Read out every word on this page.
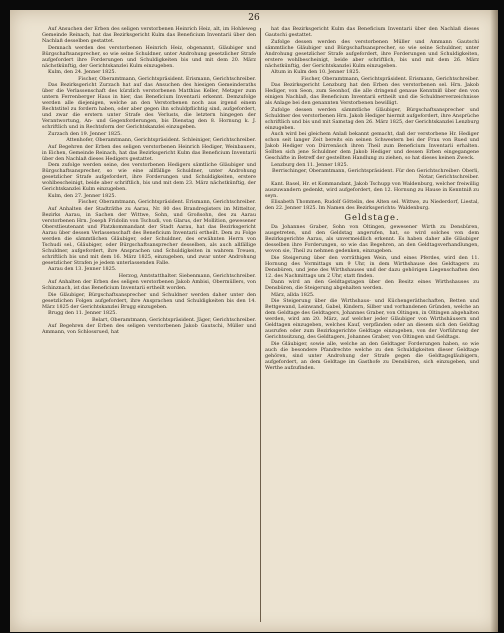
26

Auf Ansuchen der Erben des seligen verstorbenen Heinrich Heiz, alt, im Hohleweg Gemeinde Reinach, hat das Bezirksgericht Kulm das Beneficium Inventarii über den Nachlaß desselben gestattet.

Demnach werden des verstorbenen Heinrich Heiz, obgenannt, Gläubiger und Bürgschaftsansprecher, so wie seine Schuldner, unter Androhung gesetzlicher Strafe aufgefordert ihre Forderungen und Schuldigkeiten bis und mit dem 20. März nächstkünftig, der Gerichtskanzlei Kulm einzugeben.

Kulm, den 24. Jenner 1825.

Fischer, Oberamtmann, Gerichtspräsident. Erismann, Gerichtschreiber.

Das Bezirksgericht Zurzach hat auf das Ansuchen des hiesigen Gemeinderaths über die Verlassenschaft des kürzlich verstorbenen Matthias Keller, Metzger zum untern Ferrenberger Haus in hier, das Beneficium Inventarii erkennt. Demzufolge werden alle diejenigen, welche an den Verstorbenen noch aus irgend einem Rechtstitel zu fordern haben, oder aber gegen ihn schuldpflichtig sind, aufgefordert, und zwar die erstern unter Strafe des Verlusts, die letztern hingegen der Verantwortung, An- und Gegenforderungen, bis Dienstag den 8. Hornung k. J. schriftlich und in Rechtsform der Gerichtskanzlei einzugeben.

Zurzach den 19. Jenner 1825.

Attenhofer, Oberamtmann, Gerichtspräsident. Schleiniger, Gerichtschreiber.

Auf Begehren der Erben des seligen verstorbenen Heinrich Hediger, Weinbauers, in Eichen, Gemeinde Reinach, hat das Bezirksgericht Kulm das Beneficium Inventarii über den Nachlaß dieses Hedigers gestattet.

Dem zufolge werden seine, des verstorbenen Hedigers sämtliche Gläubiger und Bürgschaftsansprecher, so wie eine allfällige Schuldner, unter Androhung gesetzlicher Strafe aufgefordert, ihre Forderungen und Schuldigkeiten, erstere wohlbescheinigt, beide aber schriftlich, bis und mit dem 23. März nächstkünftig, der Gerichtskanzlei Kulm einzugeben.

Kulm, den 27. Jenner 1825.

Fischer, Oberamtmann, Gerichtspräsident. Erismann, Gerichtschreiber.

Auf Anhalten der Stadträthe zu Aarau, Nr. 80 des Brandregisters im Mitteltor, Bezirks Aarau, in Sachen der Wittwe, Sohn, und Großsohn, des zu Aarau verstorbenen Hrn. Joseph Fridolin von Tschudi, von Glarus, der Mollition, gewesener Oberstlieutenant und Platzkommandant der Stadt Aarau, hat das Bezirksgericht Aarau über dessen Verlassenschaft des Beneficium Inventarii ertheilt. Dem zu Folge werden die sämmtlichen Gläubiger, oder Schuldner, des erwähnten Herrn von Tschudi sel., Gläubiger, oder Bürgschaftsansprecher desselben, als auch allfällige Schuldner, aufgefordert, ihre Ansprachen und Schuldigkeiten in wahrem Treuen, schriftlich bis und mit dem 16. März 1825, einzugeben, und zwar unter Androhung gesetzlicher Strafen je jedem unterlassenden Falle.

Aarau den 13. Jenner 1825.

Herzog, Amtstatthalter. Siebenmann, Gerichtschreiber.

Auf Anhalten der Erben des seligen verstorbenen Jakob Ambisi, Obermüllers, von Schinznach, ist das Beneficium Inventarii ertheilt worden.

Die Gläubiger, Bürgschaftsansprecher und Schuldner werden daher unter den gesetzlichen Folgen aufgefordert, ihre Ansprachen und Schuldigkeiten bis den 14. März 1825 der Gerichtskanzlei Brugg einzugeben.

Brugg den 11. Jenner 1825.

Belart, Oberamtmann, Gerichtspräsident. Jäger, Gerichtschreiber.

Auf Begehren der Erben des seligen verstorbenen Jakob Gautschi, Müller und Ammann, von Schlossrued, hat

hat das Bezirksgericht Kulm das Beneficium Inventarii über den Nachlaß dieses Gautschi gestattet.

Zufolge dessen werden des verstorbenen Müller und Ammann Gautschi sämmtliche Gläubiger und Bürgschaftsansprecher, so wie seine Schuldner, unter Androhung gesetzlicher Strafe aufgefordert, ihre Forderungen und Schuldigkeiten, erstere wohlbescheinigt, beide aber schriftlich, bis und mit dem 26. März nächstkünftig, der Gerichtskanzlei Kulm einzugeben.

Altum in Kulm den 10. Jenner 1825.

Fischer, Oberamtmann, Gerichtspräsident. Erismann, Gerichtschreiber.

Das Bezirksgericht Lenzburg hat den Erben des verstorbenen sel. Hrn. Jakob Hediger, von Seon, zum Seonhof, die alle dringend genaue Kenntniß über den von einigen Nachlaß, das Beneficium Inventarii ertheilt und die Schuldnerverzeichnisse als Anlage bei den genannten Verstorbenen bewilligt.

Zufolge dessen werden sämmtliche Gläubiger, Bürgschaftsansprecher und Schuldner des verstorbenen Hrn. Jakob Hediger hiermit aufgefordert, ihre Ansprüche schriftlich und bis und mit Samstag den 26. März 1825, der Gerichtskanzlei Lenzburg einzugeben.

Auch wird bei gleichem Anlaß bekannt gemacht, daß der verstorbene Hr. Hediger schon seit langer Zeit bereits ein seinen Schwestern bei der Frau von Rued und Jakob Hediger von Dürrenäsch ihren Theil zum Beneficium Inventarii erhalten. Sollten sich jene Schuldner dem Jakob Hediger und dessen Erben eingegangene Geschäfte in Betreff der gestellten Handlung zu ziehen, so hat dieses keinen Zweck.

Lenzburg den 11. Jenner 1825.

Berrischinger, Oberamtmann, Gerichtspräsident. Für den Gerichtschreiber: Oberli, Notar, Gerichtschreiber.

Kant. Basel, Hr. et Kommandant, Jakob Tschupp von Waldenburg, welcher freiwillig auszuwandern gedenkt, wird aufgefordert, den 12. Hornung zu Hause in Kenntniß zu seyn.

Elisabeth Thommen, Rudolf Göttelin, des Alten sel. Wittwe, zu Niederdorf, Liestal, den 22. Jenner 1825. Im Namen des Bezirksgerichts: Waldenburg.

Geldstage.

Da Johannes Graber, Sohn von Oltingen, gewesener Wirth zu Densbüren, ausgetreten, und den Geldstag angerufen, hat, so wird solches von dem Bezirksgerichte Aarau, als unvermeidlich erkennt. Es haben daher alle Gläubiger desselben ihre Forderungen, so wie das Begehren, an den Geldtagsverhandlungen, wovon sie, Theil zu nehmen gedenken, einzugeben.

Die Steigerung über den vorräthigen Wein, und eines Pferdes, wird den 11. Hornung des Vormittags um 9 Uhr, in dem Wirthshause des Geldtagers zu Densbüren, und jene des Wirthshauses und der dazu gehörigen Liegenschaften den 12. des Nachmittags um 2 Uhr, statt finden.

Dann wird an den Geldtagstagen über den Besitz eines Wirthshauses zu Densbüren, die Steigerung abgehalten werden.

März, allda 1825.

Die Steigerung über die Wirthshaus- und Küchengeräthschaften, Betten und Bettgewand, Leinwand, Gabel, Kindern, Silber und vorhandenen Gründen, welche an dem Geldtage des Geldtagers, Johannes Graber, von Oltingen, in Oltingen abgehalten werden, wird am 20. März, auf welcher jeder Gläubiger von Wirthshäusern und Geldtagen einzugeben, welches Kauf, verpfänden oder an diesem sich den Geldtag ausrufen oder zum Bezirksgerichte Geldtage einzugeben, von der Vorführung der Gerichtssitzung, des Geldtagers, Johannes Graber, von Oltingen und Geldtags.

Die Gläubiger, sowie alle, welche an den Geldtager Forderungen haben, so wie auch die besondere Pfandrechte welche zu den Schuldigkeiten dieser Geldtage gehören, sind unter Androhung der Strafe gegen die Geldtagsgläubigern, aufgefordert, an dem Geldtage im Gasthofe zu Densbüren, sich einzugeben, und Werthe aufzufinden.
